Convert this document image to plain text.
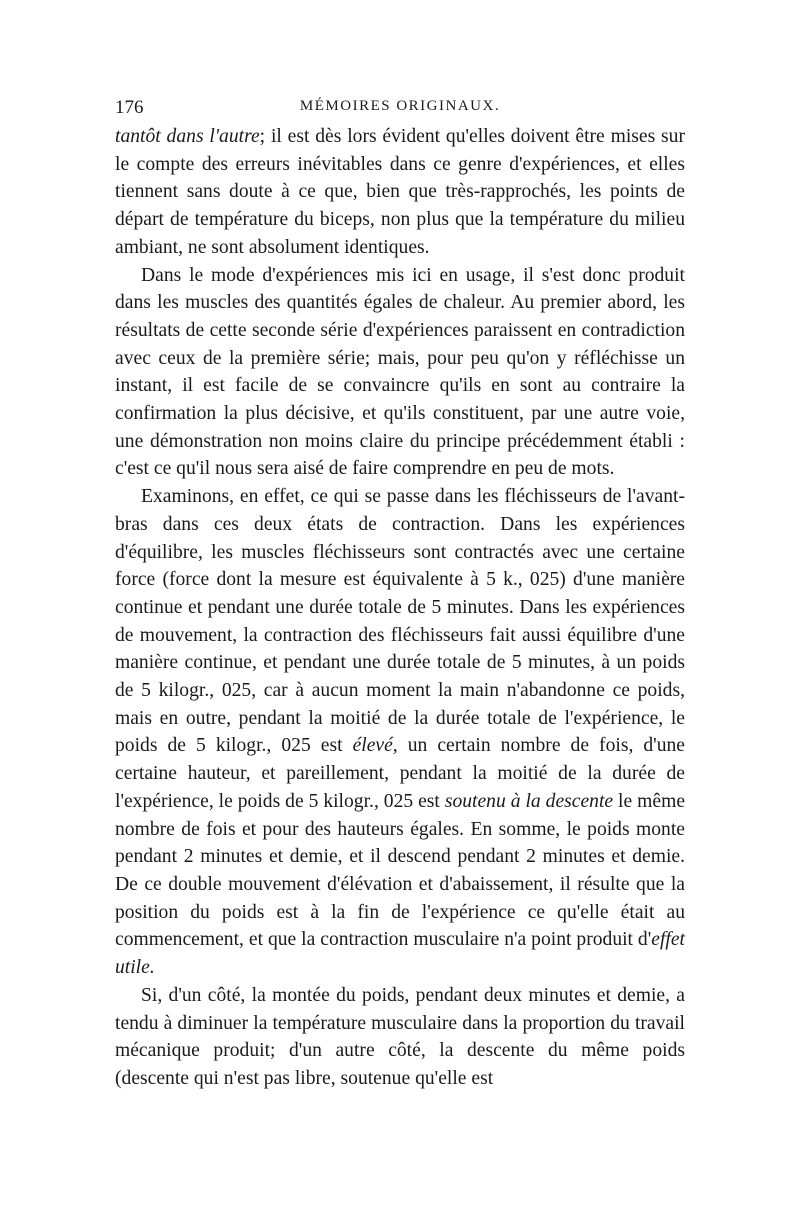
176	MÉMOIRES ORIGINAUX.

tantôt dans l'autre; il est dès lors évident qu'elles doivent être mises sur le compte des erreurs inévitables dans ce genre d'expériences, et elles tiennent sans doute à ce que, bien que très-rapprochés, les points de départ de température du biceps, non plus que la température du milieu ambiant, ne sont absolument identiques.

Dans le mode d'expériences mis ici en usage, il s'est donc produit dans les muscles des quantités égales de chaleur. Au premier abord, les résultats de cette seconde série d'expériences paraissent en contradiction avec ceux de la première série; mais, pour peu qu'on y réfléchisse un instant, il est facile de se convaincre qu'ils en sont au contraire la confirmation la plus décisive, et qu'ils constituent, par une autre voie, une démonstration non moins claire du principe précédemment établi : c'est ce qu'il nous sera aisé de faire comprendre en peu de mots.

Examinons, en effet, ce qui se passe dans les fléchisseurs de l'avant-bras dans ces deux états de contraction. Dans les expériences d'équilibre, les muscles fléchisseurs sont contractés avec une certaine force (force dont la mesure est équivalente à 5 k., 025) d'une manière continue et pendant une durée totale de 5 minutes. Dans les expériences de mouvement, la contraction des fléchisseurs fait aussi équilibre d'une manière continue, et pendant une durée totale de 5 minutes, à un poids de 5 kilogr., 025, car à aucun moment la main n'abandonne ce poids, mais en outre, pendant la moitié de la durée totale de l'expérience, le poids de 5 kilogr., 025 est élevé, un certain nombre de fois, d'une certaine hauteur, et pareillement, pendant la moitié de la durée de l'expérience, le poids de 5 kilogr., 025 est soutenu à la descente le même nombre de fois et pour des hauteurs égales. En somme, le poids monte pendant 2 minutes et demie, et il descend pendant 2 minutes et demie. De ce double mouvement d'élévation et d'abaissement, il résulte que la position du poids est à la fin de l'expérience ce qu'elle était au commencement, et que la contraction musculaire n'a point produit d'effet utile.

Si, d'un côté, la montée du poids, pendant deux minutes et demie, a tendu à diminuer la température musculaire dans la proportion du travail mécanique produit; d'un autre côté, la descente du même poids (descente qui n'est pas libre, soutenue qu'elle est
